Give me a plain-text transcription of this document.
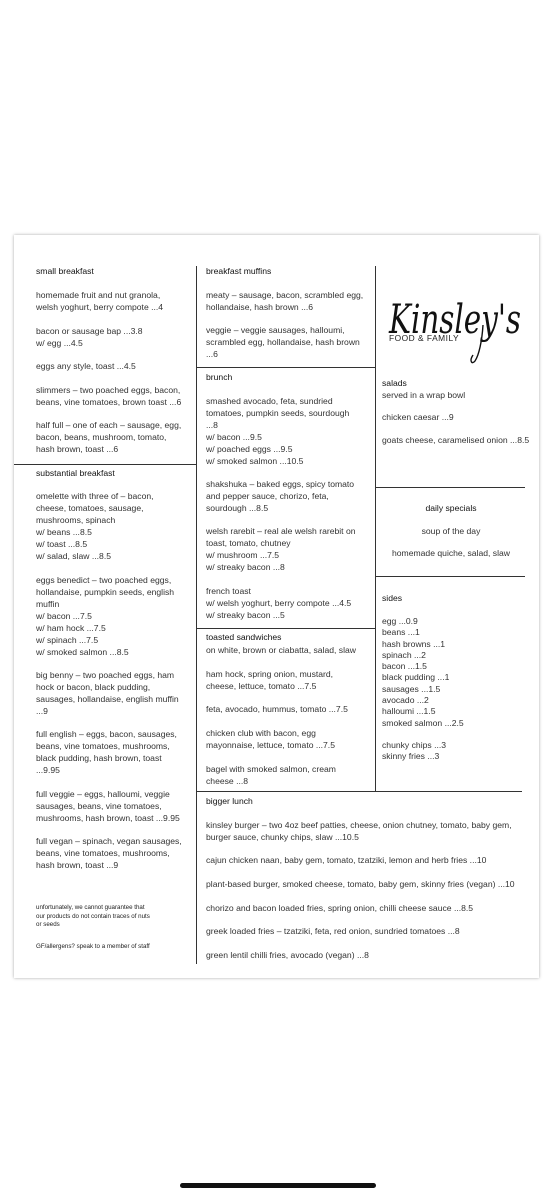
small breakfast
homemade fruit and nut granola,
welsh yoghurt, berry compote ...4
bacon or sausage bap ...3.8
w/ egg ...4.5
eggs any style, toast ...4.5
slimmers – two poached eggs, bacon,
beans, vine tomatoes, brown toast ...6
half full – one of each – sausage, egg,
bacon, beans, mushroom, tomato,
hash brown, toast ...6
substantial breakfast
omelette with three of – bacon,
cheese, tomatoes, sausage,
mushrooms, spinach
w/ beans ...8.5
w/ toast ...8.5
w/ salad, slaw ...8.5
eggs benedict – two poached eggs,
hollandaise, pumpkin seeds, english
muffin
w/ bacon ...7.5
w/ ham hock ...7.5
w/ spinach ...7.5
w/ smoked salmon ...8.5
big benny – two poached eggs, ham
hock or bacon, black pudding,
sausages, hollandaise, english muffin
...9
full english – eggs, bacon, sausages,
beans, vine tomatoes, mushrooms,
black pudding, hash brown, toast
...9.95
full veggie – eggs, halloumi, veggie
sausages, beans, vine tomatoes,
mushrooms, hash brown, toast ...9.95
full vegan – spinach, vegan sausages,
beans, vine tomatoes, mushrooms,
hash brown, toast ...9
unfortunately, we cannot guarantee that
our products do not contain traces of nuts
or seeds
GF/allergens? speak to a member of staff
breakfast muffins
meaty – sausage, bacon, scrambled egg,
hollandaise, hash brown ...6
veggie – veggie sausages, halloumi,
scrambled egg, hollandaise, hash brown
...6
brunch
smashed avocado, feta, sundried
tomatoes, pumpkin seeds, sourdough
...8
w/ bacon ...9.5
w/ poached eggs ...9.5
w/ smoked salmon ...10.5
shakshuka – baked eggs, spicy tomato
and pepper sauce, chorizo, feta,
sourdough ...8.5
welsh rarebit – real ale welsh rarebit on
toast, tomato, chutney
w/ mushroom ...7.5
w/ streaky bacon ...8
french toast
w/ welsh yoghurt, berry compote ...4.5
w/ streaky bacon ...5
toasted sandwiches
on white, brown or ciabatta, salad, slaw
ham hock, spring onion, mustard,
cheese, lettuce, tomato ...7.5
feta, avocado, hummus, tomato ...7.5
chicken club with bacon, egg
mayonnaise, lettuce, tomato ...7.5
bagel with smoked salmon, cream
cheese ...8
Kinsley's
FOOD & FAMILY
salads
served in a wrap bowl
chicken caesar ...9
goats cheese, caramelised onion ...8.5
daily specials
soup of the day
homemade quiche, salad, slaw
sides
egg ...0.9
beans ...1
hash browns ...1
spinach ...2
bacon ...1.5
black pudding ...1
sausages ...1.5
avocado ...2
halloumi ...1.5
smoked salmon ...2.5
chunky chips ...3
skinny fries ...3
bigger lunch
kinsley burger – two 4oz beef patties, cheese, onion chutney, tomato, baby gem,
burger sauce, chunky chips, slaw ...10.5
cajun chicken naan, baby gem, tomato, tzatziki, lemon and herb fries ...10
plant-based burger, smoked cheese, tomato, baby gem, skinny fries (vegan) ...10
chorizo and bacon loaded fries, spring onion, chilli cheese sauce ...8.5
greek loaded fries – tzatziki, feta, red onion, sundried tomatoes ...8
green lentil chilli fries, avocado (vegan) ...8
